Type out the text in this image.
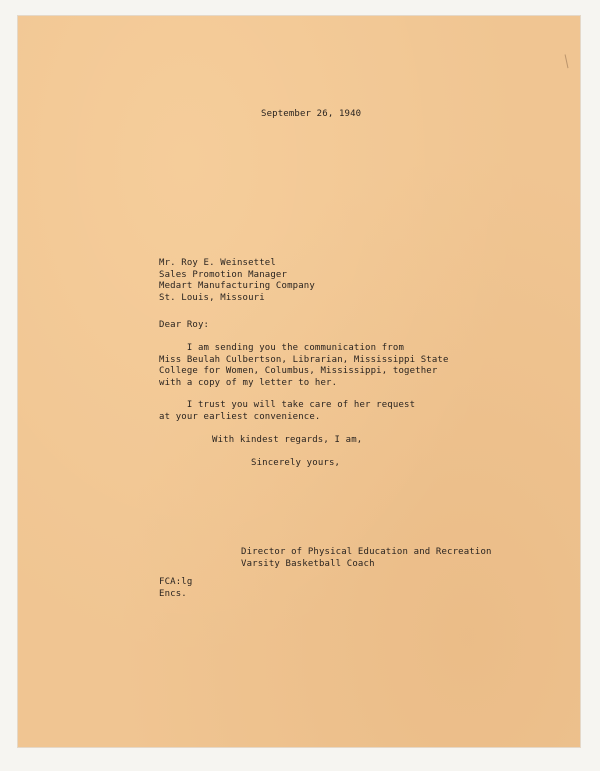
September 26, 1940
Mr. Roy E. Weinsettel
Sales Promotion Manager
Medart Manufacturing Company
St. Louis, Missouri
Dear Roy:
I am sending you the communication from
Miss Beulah Culbertson, Librarian, Mississippi State
College for Women, Columbus, Mississippi, together
with a copy of my letter to her.
I trust you will take care of her request
at your earliest convenience.
With kindest regards, I am,
Sincerely yours,
Director of Physical Education and Recreation
Varsity Basketball Coach
FCA:lg
Encs.
